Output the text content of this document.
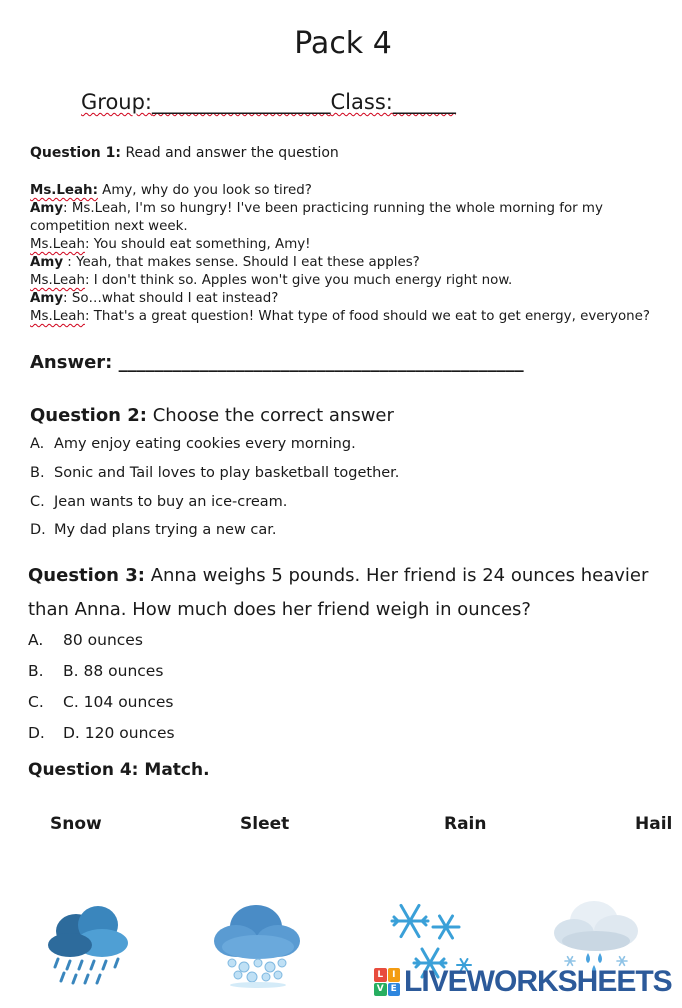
Pack 4
Group:_________________Class:______
Question 1: Read and answer the question

Ms.Leah: Amy, why do you look so tired?

Amy: Ms.Leah, I'm so hungry! I've been practicing running the whole morning for my competition next week.

Ms.Leah: You should eat something, Amy!

Amy : Yeah, that makes sense. Should I eat these apples?

Ms.Leah: I don't think so. Apples won't give you much energy right now.

Amy: So…what should I eat instead?

Ms.Leah: That's a great question! What type of food should we eat to get energy, everyone?

Answer: _____________________________________________
Question 2: Choose the correct answer
A. Amy enjoy eating cookies every morning.
B. Sonic and Tail loves to play basketball together.
C. Jean wants to buy an ice-cream.
D. My dad plans trying a new car.
Question 3: Anna weighs 5 pounds. Her friend is 24 ounces heavier than Anna. How much does her friend weigh in ounces?
A. 80 ounces
B. B. 88 ounces
C. C. 104 ounces
D. D. 120 ounces
Question 4: Match.
Snow	Sleet	Rain	Hail
L I
V E LIVEWORKSHEETS
